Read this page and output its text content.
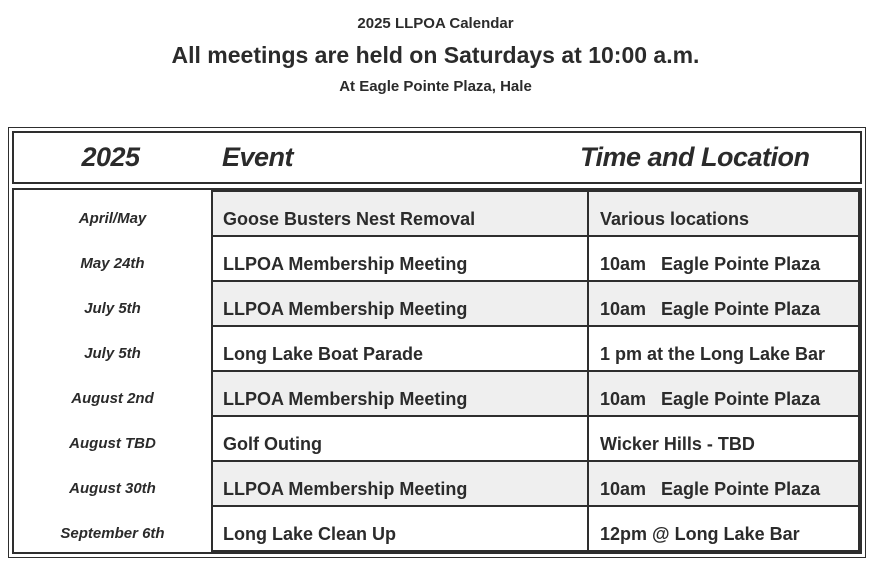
2025 LLPOA Calendar
All meetings are held on Saturdays at 10:00 a.m.
At Eagle Pointe Plaza, Hale
2025	Event	Time and Location
April/May	Goose Busters Nest Removal	Various locations
May 24th	LLPOA Membership Meeting	10am   Eagle Pointe Plaza
July 5th	LLPOA Membership Meeting	10am   Eagle Pointe Plaza
July 5th	Long Lake Boat Parade	1 pm at the Long Lake Bar
August 2nd	LLPOA Membership Meeting	10am   Eagle Pointe Plaza
August TBD	Golf Outing	Wicker Hills - TBD
August 30th	LLPOA Membership Meeting	10am   Eagle Pointe Plaza
September 6th	Long Lake Clean Up	12pm @ Long Lake Bar
